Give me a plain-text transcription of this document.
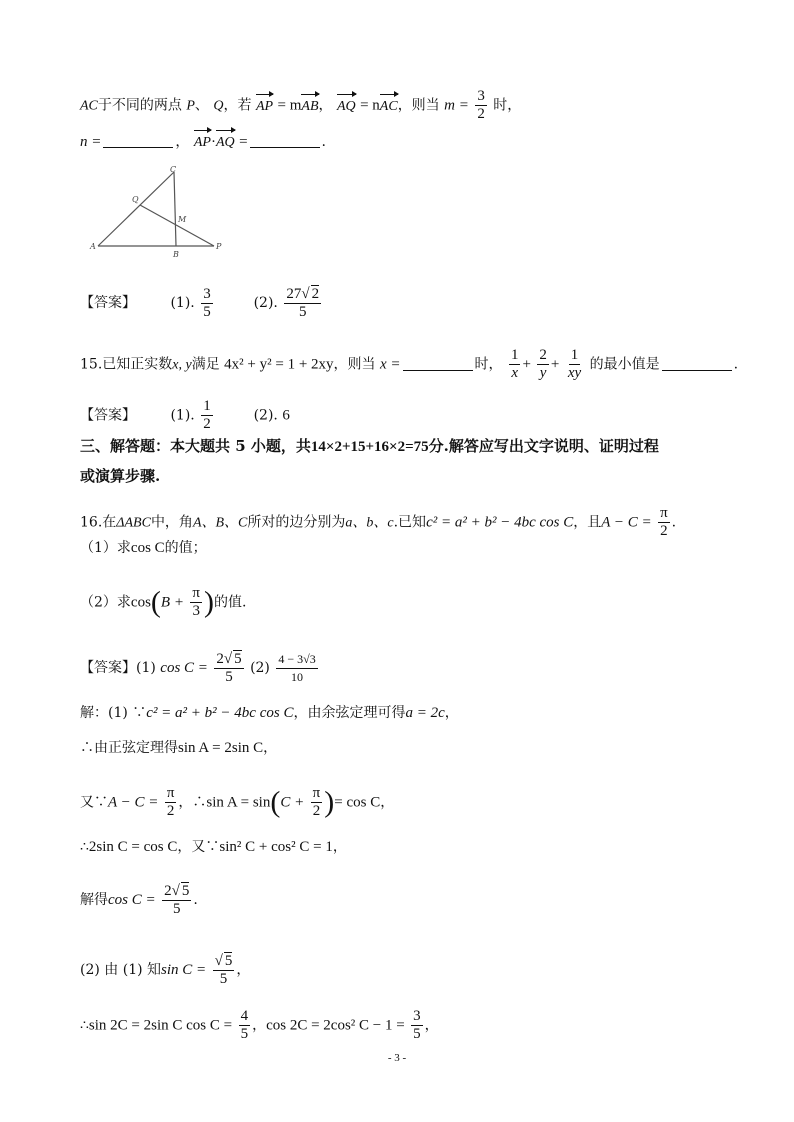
AC于不同的两点 P、 Q，若 AP = mAB， AQ = nAC，则当 $m = \frac{3}{2}$ 时，
n =	， AP·AQ =	.
C
Q
M
A
B
P
【答案】 (1). $\frac{3}{5}$	(2). $\frac{27√ 2}{5}$
15.已知正实数x, y满足 4x² + y² = 1 + 2xy，则当 x =	时， $\frac{1}{x} + \frac{2}{y} + \frac{1}{xy}$ 的最小值是	.
【答案】 (1). $\frac{1}{2}$	(2). 6
三、解答题：本大题共 5 小题，共14×2+15+16×2=75分.解答应写出文字说明、证明过程
或演算步骤.
16.在ΔABC中，角A、B、C所对的边分别为a、b、c.已知c² = a² + b² − 4bc cos C，且$A - C = \frac{\pi}{2}$ .
（1）求cos C的值；
（2）求$\cos(B + \frac{\pi}{3}$ )的值.
【答案】(1) $\cos C = \frac{2√ 5}{5} (2) \frac{4 - 3√3}{10}$
解：(1) ∵c² = a² + b² − 4bc cos C，由余弦定理可得a = 2c，
∴由正弦定理得sin A = 2sin C，
又∵A − $C = \frac{\pi}{2}$ ，∴sin $A = \sin(C + \frac{\pi}{2}$ )= cos C，
∴2sin C = cos C，又∵sin² C + cos² C = 1，
解得$\cos C = \frac{2√ 5}{5}$ .
(2) 由 (1) 知$\sin C = \frac{√ 5}{5}$ ，
∴sin 2C = 2sin C $\cos C = \frac{4}{5}$ ，cos 2C = 2cos² $C - 1 = \frac{3}{5}$ ，
- 3 -
